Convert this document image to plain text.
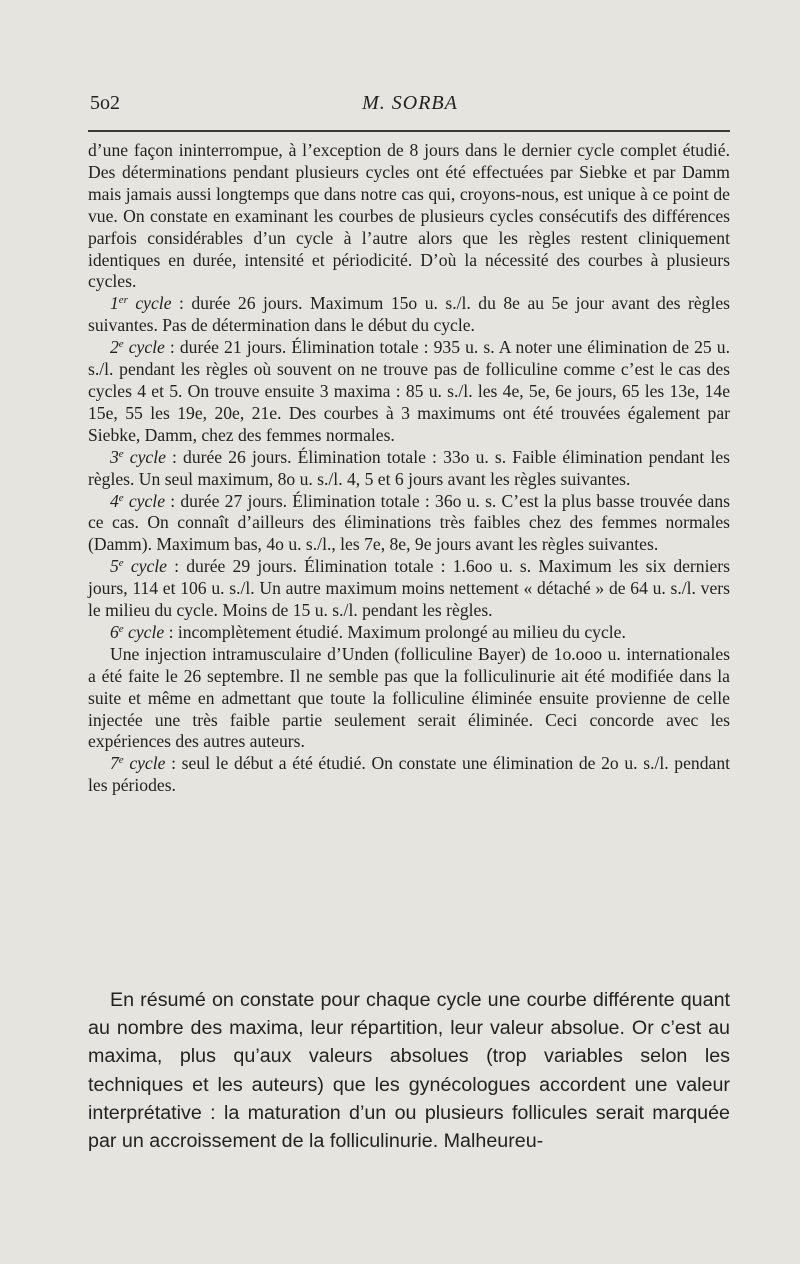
5o2	M. SORBA

d’une façon ininterrompue, à l’exception de 8 jours dans le dernier cycle complet étudié. Des déterminations pendant plusieurs cycles ont été effectuées par Siebke et par Damm mais jamais aussi longtemps que dans notre cas qui, croyons-nous, est unique à ce point de vue. On constate en examinant les courbes de plusieurs cycles consécutifs des différences parfois considérables d’un cycle à l’autre alors que les règles restent cliniquement identiques en durée, intensité et périodicité. D’où la nécessité des courbes à plusieurs cycles.

1er cycle : durée 26 jours. Maximum 15o u. s./l. du 8e au 5e jour avant des règles suivantes. Pas de détermination dans le début du cycle.

2e cycle : durée 21 jours. Élimination totale : 935 u. s. A noter une élimination de 25 u. s./l. pendant les règles où souvent on ne trouve pas de folliculine comme c’est le cas des cycles 4 et 5. On trouve ensuite 3 maxima : 85 u. s./l. les 4e, 5e, 6e jours, 65 les 13e, 14e 15e, 55 les 19e, 20e, 21e. Des courbes à 3 maximums ont été trouvées également par Siebke, Damm, chez des femmes normales.

3e cycle : durée 26 jours. Élimination totale : 33o u. s. Faible élimination pendant les règles. Un seul maximum, 8o u. s./l. 4, 5 et 6 jours avant les règles suivantes.

4e cycle : durée 27 jours. Élimination totale : 36o u. s. C’est la plus basse trouvée dans ce cas. On connaît d’ailleurs des éliminations très faibles chez des femmes normales (Damm). Maximum bas, 4o u. s./l., les 7e, 8e, 9e jours avant les règles suivantes.

5e cycle : durée 29 jours. Élimination totale : 1.6oo u. s. Maximum les six derniers jours, 114 et 106 u. s./l. Un autre maximum moins nettement « détaché » de 64 u. s./l. vers le milieu du cycle. Moins de 15 u. s./l. pendant les règles.

6e cycle : incomplètement étudié. Maximum prolongé au milieu du cycle.

Une injection intramusculaire d’Unden (folliculine Bayer) de 1o.ooo u. internationales a été faite le 26 septembre. Il ne semble pas que la folliculinurie ait été modifiée dans la suite et même en admettant que toute la folliculine éliminée ensuite provienne de celle injectée une très faible partie seulement serait éliminée. Ceci concorde avec les expériences des autres auteurs.

7e cycle : seul le début a été étudié. On constate une élimination de 2o u. s./l. pendant les périodes.

En résumé on constate pour chaque cycle une courbe différente quant au nombre des maxima, leur répartition, leur valeur absolue. Or c’est au maxima, plus qu’aux valeurs absolues (trop variables selon les techniques et les auteurs) que les gynécologues accordent une valeur interprétative : la maturation d’un ou plusieurs follicules serait marquée par un accroissement de la folliculinurie. Malheureu-
